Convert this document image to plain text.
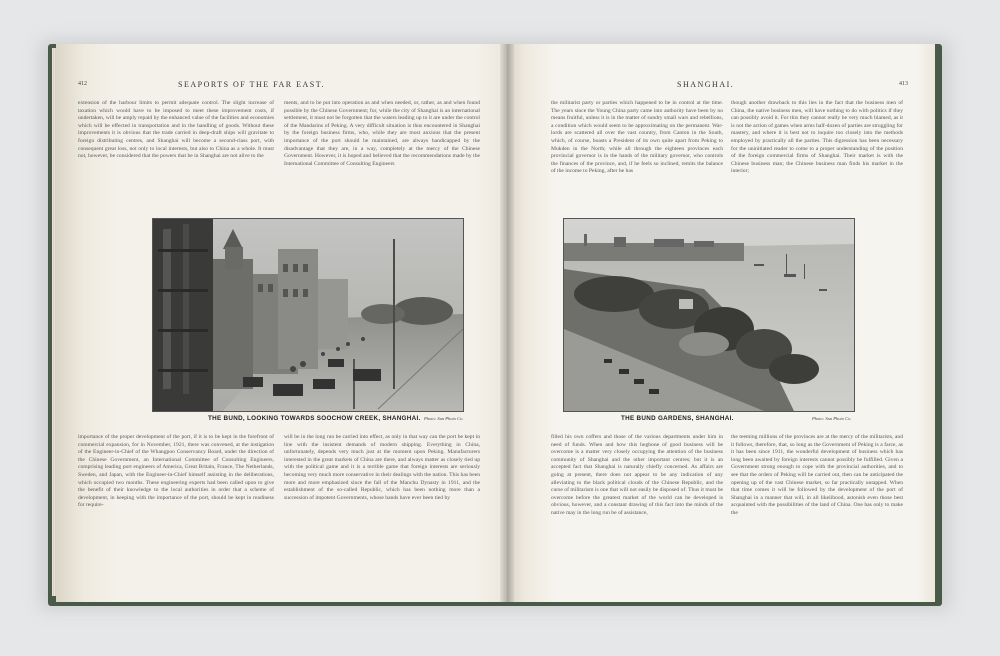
412	SEAPORTS OF THE FAR EAST.
extension of the harbour limits to permit adequate control. The slight increase of taxation which would have to be imposed to meet these improvement costs, if undertaken, will be amply repaid by the enhanced value of the facilities and economies which will be effected in transportation and in the handling of goods. Without these improvements it is obvious that the trade carried in deep-draft ships will gravitate to foreign distributing centres, and Shanghai will become a second-class port, with consequent great loss, not only to local interests, but also to China as a whole. It must not, however, be considered that the powers that be in Shanghai are not alive to the
ments, and to be put into operation as and when needed, or, rather, as and when found possible by the Chinese Government; for, while the city of Shanghai is an international settlement, it must not be forgotten that the waters leading up to it are under the control of the Mandarins of Peking. A very difficult situation is thus encountered in Shanghai by the foreign business firms, who, while they are most anxious that the present importance of the port should be maintained, are always handicapped by the disadvantage that they are, in a way, completely at the mercy of the Chinese Government. However, it is hoped and believed that the recommendations made by the International Committee of Consulting Engineers
THE BUND, LOOKING TOWARDS SOOCHOW CREEK, SHANGHAI. Photo: Sun Photo Co.
importance of the proper development of the port, if it is to be kept in the forefront of commercial expansion, for in November, 1921, there was convened, at the instigation of the Engineer-in-Chief of the Whangpoo Conservancy Board, under the direction of the Chinese Government, an International Committee of Consulting Engineers, comprising leading port engineers of America, Great Britain, France, The Netherlands, Sweden, and Japan, with the Engineer-in-Chief himself assisting in the deliberations, which occupied two months. These engineering experts had been called upon to give the benefit of their knowledge to the local authorities in order that a scheme of development, in keeping with the importance of the port, should be kept in readiness for require-
will be in the long run be carried into effect, as only in that way can the port be kept in line with the insistent demands of modern shipping. Everything in China, unfortunately, depends very much just at the moment upon Peking. Manufacturers interested in the great markets of China are there, and always matter as closely tied up with the political game and it is a terrible game that foreign interests are seriously becoming very much more conservative in their dealings with the nation. This has been more and more emphasized since the fall of the Manchu Dynasty in 1911, and the establishment of the so-called Republic, which has been nothing more than a succession of impotent Governments, whose hands have ever been tied by
SHANGHAI.	413
the militarist party or parties which happened to be in control at the time. The years since the Young China party came into authority have been by no means fruitful, unless it is in the matter of sundry small wars and rebellions, a condition which would seem to be approximating on the permanent. War-lords are scattered all over the vast country, from Canton in the South, which, of course, boasts a President of its own quite apart from Peking to Mukden in the North; while all through the eighteen provinces each provincial governor is in the hands of the military governor, who controls the finances of the province, and, if he feels so inclined, remits the balance of the income to Peking, after he has
though another drawback to this lies in the fact that the business men of China, the native business men, will have nothing to do with politics if they can possibly avoid it. For this they cannot really be very much blamed, as it is not the action of games when arms half-dozen of parties are struggling for mastery, and where it is best not to inquire too closely into the methods employed by practically all the parties. This digression has been necessary for the uninitiated reader to come to a proper understanding of the position of the foreign commercial firms of Shanghai. Their market is with the Chinese business man; the Chinese business man finds his market in the interior;
THE BUND GARDENS, SHANGHAI.	Photo: Sun Photo Co.
filled his own coffers and those of the various departments under him in need of funds. When and how this hegbone of good business will be overcome is a matter very closely occupying the attention of the business community of Shanghai and the other important centres; but it is an accepted fact that Shanghai is naturally chiefly concerned. As affairs are going at present, there does not appear to be any indication of any alleviating to the black political clouds of the Chinese Republic, and the curse of militarism is one that will not easily be disposed of. Thus it must be overcome before the greatest market of the world can be developed is obvious, however, and a constant drawing of this fact into the minds of the native may in the long run be of assistance,
the teeming millions of the provinces are at the mercy of the militarists, and it follows, therefore, that, so long as the Government of Peking is a farce, as it has been since 1911, the wonderful development of business which has long been awaited by foreign interests cannot possibly be fulfilled. Given a Government strong enough to cope with the provincial authorities, and to see that the orders of Peking will be carried out, then can be anticipated the opening up of the vast Chinese market, so far practically untapped. When that time comes it will be followed by the development of the port of Shanghai in a manner that will, in all likelihood, astonish even those best acquainted with the possibilities of the land of China. One has only to make the
